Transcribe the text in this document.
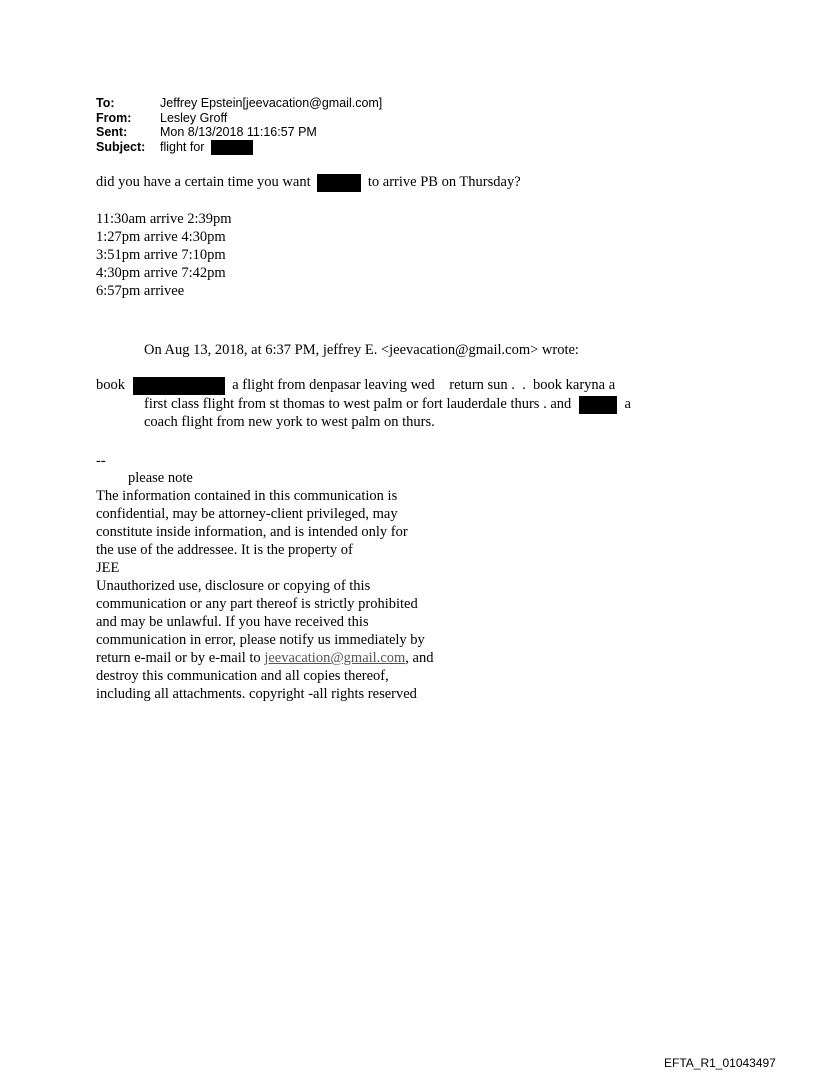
To:	Jeffrey Epstein[jeevacation@gmail.com]
From: Lesley Groff
Sent:	Mon 8/13/2018 11:16:57 PM
Subject: flight for
did you have a certain time you want	to arrive PB on Thursday?
11:30am arrive 2:39pm
1:27pm arrive 4:30pm
3:51pm arrive 7:10pm
4:30pm arrive 7:42pm
6:57pm arrivee
On Aug 13, 2018, at 6:37 PM, jeffrey E. <jeevacation@gmail.com> wrote:
book	a flight from denpasar leaving wed    return sun .  .  book karyna a
first class flight from st thomas to west palm or fort lauderdale thurs . and	a
coach flight from new york to west palm on thurs.
--
please note
The information contained in this communication is
confidential, may be attorney-client privileged, may
constitute inside information, and is intended only for
the use of the addressee. It is the property of
JEE
Unauthorized use, disclosure or copying of this
communication or any part thereof is strictly prohibited
and may be unlawful. If you have received this
communication in error, please notify us immediately by
return e-mail or by e-mail to jeevacation@gmail.com, and
destroy this communication and all copies thereof,
including all attachments. copyright -all rights reserved
EFTA_R1_01043497
